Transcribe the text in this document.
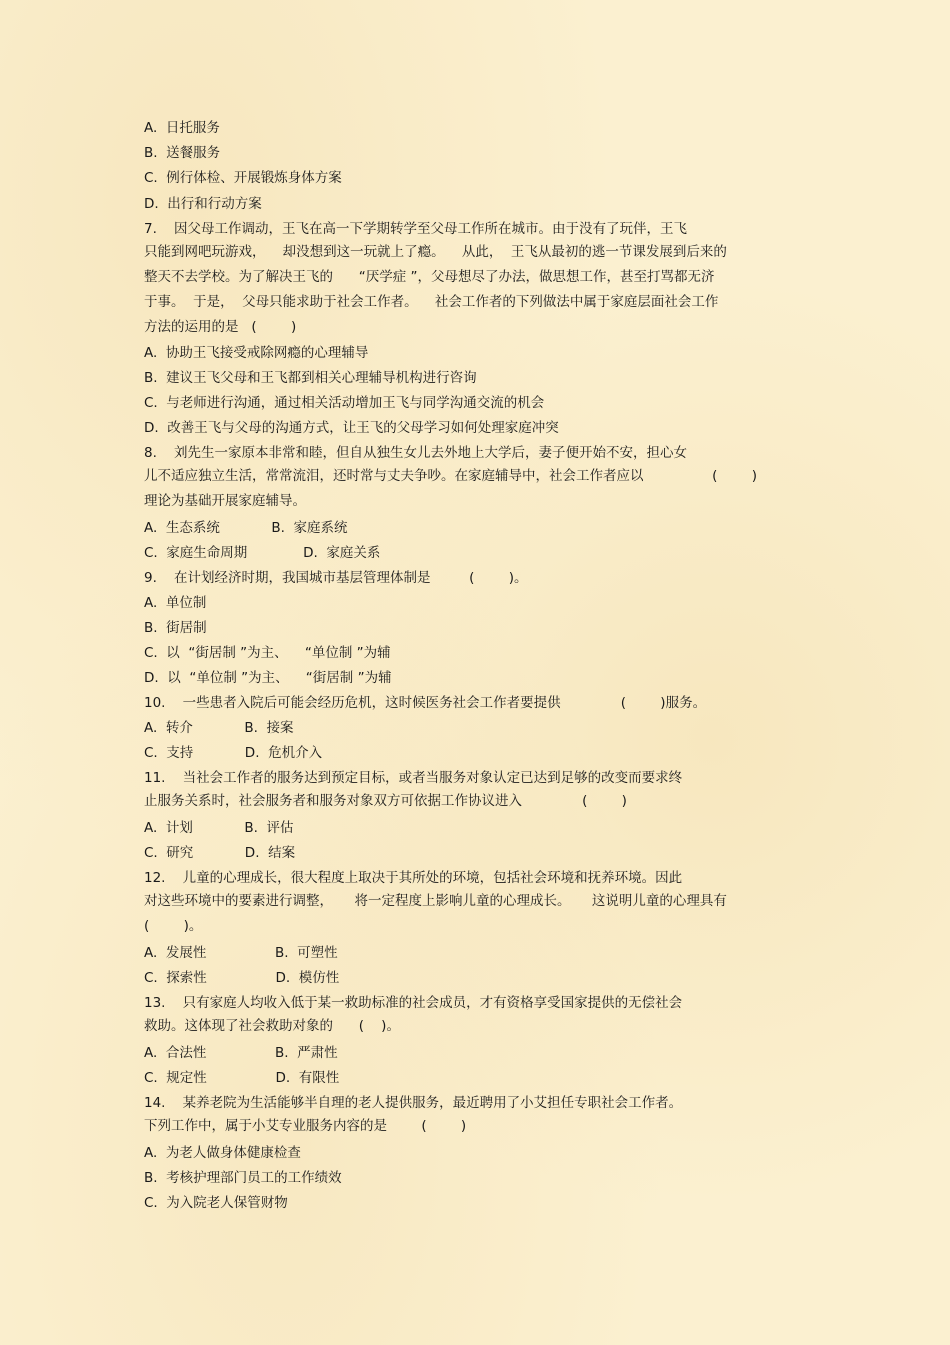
A.  日托服务
B.  送餐服务
C.  例行体检、开展锻炼身体方案
D.  出行和行动方案
7.    因父母工作调动，王飞在高一下学期转学至父母工作所在城市。由于没有了玩伴，王飞
只能到网吧玩游戏，    却没想到这一玩就上了瘾。    从此，  王飞从最初的逃一节课发展到后来的
整天不去学校。为了解决王飞的      “厌学症 ”，父母想尽了办法，做思想工作，甚至打骂都无济
于事。  于是，  父母只能求助于社会工作者。    社会工作者的下列做法中属于家庭层面社会工作
方法的运用的是   (        )
A.  协助王飞接受戒除网瘾的心理辅导
B.  建议王飞父母和王飞都到相关心理辅导机构进行咨询
C.  与老师进行沟通，通过相关活动增加王飞与同学沟通交流的机会
D.  改善王飞与父母的沟通方式，让王飞的父母学习如何处理家庭冲突
8.    刘先生一家原本非常和睦，但自从独生女儿去外地上大学后，妻子便开始不安，担心女
儿不适应独立生活，常常流泪，还时常与丈夫争吵。在家庭辅导中，社会工作者应以                (        )
理论为基础开展家庭辅导。
A.  生态系统            B.  家庭系统
C.  家庭生命周期             D.  家庭关系
9.    在计划经济时期，我国城市基层管理体制是         (        )。
A.  单位制
B.  街居制
C.  以  “街居制 ”为主、    “单位制 ”为辅
D.  以  “单位制 ”为主、    “街居制 ”为辅
10.    一些患者入院后可能会经历危机，这时候医务社会工作者要提供              (        )服务。
A.  转介            B.  接案
C.  支持            D.  危机介入
11.    当社会工作者的服务达到预定目标，或者当服务对象认定已达到足够的改变而要求终
止服务关系时，社会服务者和服务对象双方可依据工作协议进入              (        )
A.  计划            B.  评估
C.  研究            D.  结案
12.    儿童的心理成长，很大程度上取决于其所处的环境，包括社会环境和抚养环境。因此
对这些环境中的要素进行调整，     将一定程度上影响儿童的心理成长。     这说明儿童的心理具有
(        )。
A.  发展性                B.  可塑性
C.  探索性                D.  模仿性
13.    只有家庭人均收入低于某一救助标准的社会成员，才有资格享受国家提供的无偿社会
救助。这体现了社会救助对象的      (    )。
A.  合法性                B.  严肃性
C.  规定性                D.  有限性
14.    某养老院为生活能够半自理的老人提供服务，最近聘用了小艾担任专职社会工作者。
下列工作中，属于小艾专业服务内容的是        (        )
A.  为老人做身体健康检查
B.  考核护理部门员工的工作绩效
C.  为入院老人保管财物
